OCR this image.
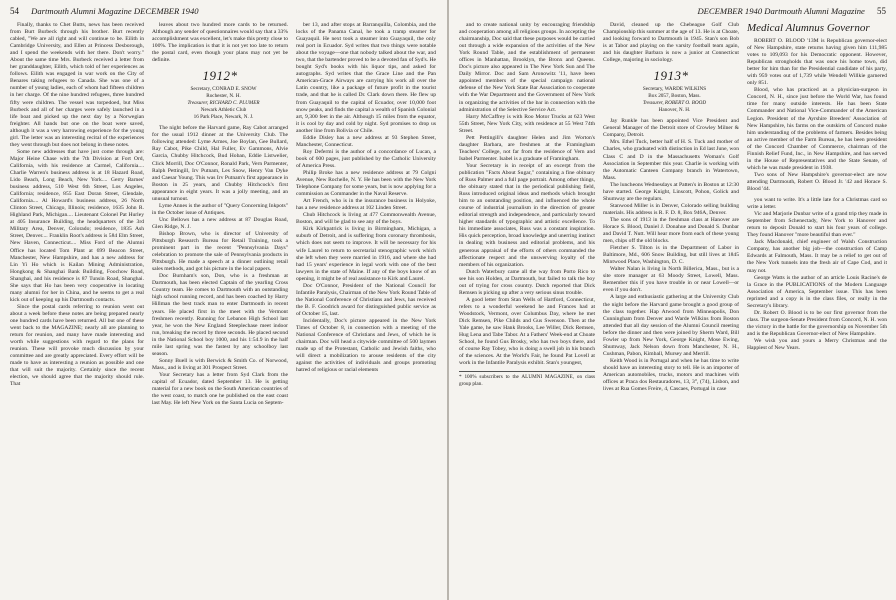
54 Dartmouth Alumni Magazine DECEMBER 1940

Finally, thanks to Chet Butts, news has been received from Burt Burbeck through his brother. Burt recently cabled, "We are all right and will continue to be. Eilith in Cambridge University, and Ellen at Princess Desborough, and I spend the weekends with her there. Don't worry." About the same time Mrs. Burbeck received a letter from her granddaughter, Eilith, which told of her experiences as follows. Eilith was engaged in war work on the City of Benares taking refugees to Canada. She was one of a number of young ladies, each of whom had fifteen children in her charge. Of the nine hundred refugees, three hundred fifty were children. The vessel was torpedoed, but Miss Burbeck and all of her charges were safely launched in a life boat and picked up the next day by a Norwegian freighter. All hands but one on the boat were saved, although it was a very harrowing experience for the young girl. The letter was an interesting recital of the experiences they went through but does not belong in these notes.

Some new addresses that have just come through are: Major Heine Chase with the 7th Division at Fort Ord, California, with his residence at Carmel, California.... Charlie Warren's business address is at 18 Hazard Road, Lido Beach, Long Beach, New York.... Gerry Barnes' business address, 510 West 6th Street, Los Angeles, California; residence, 855 East Doran Street, Glendale, California.... Al Howard's business address, 26 North Clinton Street, Chicago, Illinois; residence, 1635 John R. Highland Park, Michigan.... Lieutenant Colonel Pat Hurley at 405 Insurance Building, the headquarters of the 3rd Military Area, Denver, Colorado; residence, 1835 Ash Street, Denver.... Franklin Root's address is 584 Elm Street, New Haven, Connecticut.... Miss Ford of the Alumni Office has located Tom Plant at 699 Beacon Street, Manchester, New Hampshire, and has a new address for Lin Yi Ho which is Kailan Mining Administration, Hongkong & Shanghai Bank Building, Foochow Road, Shanghai, and his residence is 87 Tunsin Road, Shanghai. She says that Ho has been very cooperative in locating many alumni for her in China, and he seems to get a real kick out of keeping up his Dartmouth contacts.

Since the postal cards referring to reunion went out about a week before these notes are being prepared nearly one hundred cards have been returned. All but one of these went back to the MAGAZINE; nearly all are planning to return for reunion, and many have made interesting and worth while suggestions with regard to the plans for reunion. These will provoke much discussion by your committee and are greatly appreciated. Every effort will be made to have as interesting a reunion as possible and one that will suit the majority. Certainly since the recent election, we should agree that the majority should rule. That

leaves about two hundred more cards to be returned. Although any sender of questionnaires would say that a 33% accomplishment was excellent, let's make this pretty close to 100%. The implication is that it is not yet too late to return the postal card, even though your plans may not yet be definite.

1912*

Secretary, CONRAD E. SNOW

Rochester, N. H.

Treasurer, RICHARD C. PLUMER

Newark Athletic Club

16 Park Place, Newark, N. J.

The night before the Harvard game, Ray Cabot arranged for the usual 1912 dinner at the University Club. The following attended: Lyme Armes, Joe Boylan, Gee Bullard, Ray Cabot, Pike Child, Hal Fuller, Ev Gammons, Alvie Garcia, Chubby Hitchcock, Bud Hoban, Eddie Listwelier, Click Morrill, Doc O'Connor, Ronald Park, Vern Parmenter, Ralph Pettingill, Irv Putnam, Les Snow, Henry Van Dyke and Caesar Young. This was Irv Putnam's first appearance in Boston in 25 years, and Chubby Hitchcock's first appearance in eight years. It was a jolly meeting, and an unusual turnout.

Lyme Annes is the author of "Query Concerning Inkpots" in the October issue of Antiques.

Unc Bellows has a new address at 87 Douglas Road, Glen Ridge, N. J.

Bishop Brown, who is director of University of Pittsburgh Research Bureau for Retail Training, took a prominent part in the recent "Pennsylvania Days" celebration to promote the sale of Pennsylvania products in Pittsburgh. He made a speech at a dinner outlining retail sales methods, and got his picture in the local papers.

Doc Burnham's son, Don, who is a freshman at Dartmouth, has been elected Captain of the yearling Cross Country team. He comes to Dartmouth with an outstanding high school running record, and has been coached by Harry Hillman the best track man to enter Dartmouth in recent years. He placed first in the meet with the Vermont freshmen recently. Running for Lebanon High School last year, he won the New England Steeplechase meet indoor run, breaking the record by three seconds. He placed second in the National School boy 1000, and his 1:54.9 in the half mile last spring was the fastest by any schoolboy last season.

Sonny Buell is with Berwick & Smith Co. of Norwood, Mass., and is living at 301 Prospect Street.

Your Secretary has a letter from Syd Clark from the capital of Ecuador, dated September 13. He is getting material for a new book on the South American countries of the west coast, to match one he published on the east coast last May. He left New York on the Santa Lucia on Septem-

ber 13, and after stops at Barranquilla, Colombia, and the locks of the Panama Canal, he took a tramp steamer for Guayaquil. He next took a steamer into Guayaquil, the only real port in Ecuador. Syd writes that two things were notable about the voyage—one that nobody talked about the war, and two, that the bartender proved to be a devoted fan of Syd's. He bought Syd's books with his liquor tips, and asked for autographs. Syd writes that the Grace Line and the Pan American-Grace Airways are carrying his work all over the Latin country, like a package of future profit in the tourist trade, and that he is called Dr. Clark down there. He flew up from Guayaquil to the capital of Ecuador, over 10,000 foot snow peaks, and finds the capital a wealth of Spanish Colonial art, 9,300 feet in the air. Although 15 miles from the equator, it is cool by day and cold by night. Syd promises to drop us another line from Bolivia or Chile.

Eddie Disley has a new address at 93 Stephen Street, Manchester, Connecticut.

Roy Defermi is the author of a concordance of Lucan, a book of 600 pages, just published by the Catholic University of America Press.

Philip Broke has a new residence address at 79 Colgni Avenue, New Rochelle, N. Y. He has been with the New York Telephone Company for some years, but is now applying for a commission as Commander in the Naval Reserve.

Art French, who is in the insurance business in Holyoke, has a new residence address at 102 Linden Street.

Chub Hitchcock is living at 477 Commonwealth Avenue, Boston, and will be glad to see any of the boys.

Kirk Kirkpatrick is living in Birmingham, Michigan, a suburb of Detroit, and is suffering from coronary thrombosis, which does not seem to improve. It will be necessary for his wife Laurel to return to secretarial stenographic work which she left when they were married in 1916, and where she had had 15 years' experience in legal work with one of the best lawyers in the state of Maine. If any of the boys know of an opening, it might be of real assistance to Kirk and Laurel.

Doc O'Connor, President of the National Council for Infantile Paralysis, Chairman of the New York Round Table of the National Conference of Christians and Jews, has received the B. F. Goodrich award for distinguished public service as of October 15, last.

Incidentally, Doc's picture appeared in the New York Times of October 8, in connection with a meeting of the National Conference of Christians and Jews, of which he is chairman. Doc will head a citywide committee of 500 laymen made up of the Protestant, Catholic and Jewish faiths, who will direct a mobilization to arouse residents of the city against the activities of individuals and groups promoting hatred of religious or racial elements

DECEMBER 1940 Dartmouth Alumni Magazine 55

and to create national unity by encouraging friendship and cooperation among all religious groups. In accepting the chairmanship, Doc said that these purposes would be carried out through a wide expansion of the activities of the New York Round Table, and the establishment of permanent offices in Manhattan, Brooklyn, the Bronx and Queens. Doc's picture also appeared in The New York Sun and The Daily Mirror. Doc and Sam Aronowitz '11, have been appointed members of the special campaign national defense of the New York State Bar Association to cooperate with the War Department and the Government of New York in organizing the activities of the bar in connection with the administration of the Selective Service Act.

Harry McCaffrey is with Roo Motor Trucks at 623 West 55th Street, New York City, with residence at 55 West 74th Street.

Pett Pettingill's daughter Helen and Jim Worton's daughter Barbara, are freshmen at the Framingham Teachers' College, not far from the residence of Vern and Isabel Parmenter. Isabel is a graduate of Framingham.

Your Secretary is in receipt of an excerpt from the publication "Facts About Sugar," containing a fine obituary of Russ Palmer and a full page portrait. Among other things, the obituary stated that in the periodical publishing field, Russ introduced original ideas and methods which brought him to an outstanding position, and influenced the whole course of industrial journalism in the direction of greater editorial strength and independence, and particularly toward higher standards of typographic and artistic excellence. To his immediate associates, Russ was a constant inspiration. His quick perception, broad knowledge and unerring instinct in dealing with business and editorial problems, and his generous appraisal of the efforts of others commanded the affectionate respect and the unswerving loyalty of the members of his organization.

Dutch Waterbury came all the way from Porto Rico to see his son Holden, at Dartmouth, but failed to talk the boy out of trying for cross country. Dutch reported that Dick Remsen is picking up after a very serious sinus trouble.

A good letter from Stan Wells of Hartford, Connecticut, refers to a wonderful weekend he and Frances had at Woodstock, Vermont, over Columbus Day, where he met Dick Remsen, Pike Childs and Gus Swenson. Then at the Yale game, he saw Hank Brooks, Lee Willer, Dick Remsen, Hug Lena and Tabe Tabor. At a Fathers' Week-end at Choate School, he found Gus Brosky, who has two boys there, and of course Ray Tobey, who is doing a swell job in his branch of the sciences. At the World's Fair, he found Pat Lovell at work in the Infantile Paralysis exhibit. Stan's youngest,

* 100% subscribers to the ALUMNI MAGAZINE, on class group plan.

David, cleaned up the Chebeague Golf Club Championship this summer at the age of 13. He is at Choate, and looking forward to Dartmouth in 1945. Stan's son Bob is at Tabor and playing on the varsity football team again, and his daughter Barbara is now a junior at Connecticut College, majoring in sociology.

1913*

Secretary, WARDE WILKINS

Box 2057, Boston, Mass.

Treasurer, ROBERT O. BOOD

Hanover, N. H.

Jay Runkle has been appointed Vice President and General Manager of the Detroit store of Crowley Milner & Company, Detroit.

Mrs. Ethel Tuck, better half of H. S. Tuck and mother of Charles, who graduated with distinction in Ed last June, won Class C and D in the Massachusetts Woman's Golf Association in September this year. Charlie is working with the Automatic Canteen Company branch in Watertown, Mass.

The luncheons Wednesdays at Patten's in Boston at 12:30 have started. George Knight, Linscott, Pohon, Golick and Shumway are the regulars.

Stanwood Miller is in Denver, Colorado selling building materials. His address is R. F. D. 8, Box 946A, Denver.

The sons of 1913 in the freshman class at Hanover are Horace S. Blood, Daniel J. Donahue and Donald S. Dunbar and David T. Nutt. Will hear more from each of these young men, chips off the old blocks.

Fletcher S. Tilton is in the Department of Labor in Baltimore, Md., 606 Snow Building, but still lives at 1845 Mintwood Place, Washington, D. C.

Walter Nalan is living in North Billerica, Mass., but is a site store manager at 63 Moody Street, Lowell, Mass. Remember this if you have trouble in or near Lowell—or even if you don't.

A large and enthusiastic gathering at the University Club the night before the Harvard game brought a good group of the class together. Hap Atwood from Minneapolis, Don Cunningham from Denver and Warde Wilkins from Boston attended that all day session of the Alumni Council meeting before the dinner and then were joined by Sherm Ward, Bill Fowler up from New York, George Knight, Mose Ewing, Shumway, Jack Nelson down from Manchester, N. H., Cushman, Pabon, Kimball, Mursey and Merrill.

Keith Wood is in Portugal and when he has time to write should have an interesting story to tell. He is an importer of American automobiles, trucks, motors and machines with offices at Praca dos Restauradores, 13, 3°, (74), Lisbon, and lives at Rua Gomes Freire, 4, Cascaes, Portugal in case

Medical Alumnus Governor

ROBERT O. BLOOD '13M is Republican governor-elect of New Hampshire, state returns having given him 111,985 votes to 109,093 for his Democratic opponent. However, Republican strongholds that was once his home town, did better for him than for the Presidential candidate of his party, with 959 votes out of 1,739 while Wendell Willkie garnered only 851.

Blood, who has practiced as a physician-surgeon in Concord, N. H., since just before the World War, has found time for many outside interests. He has been State Commander and National Vice-Commander of the American Legion. President of the Ayrshire Breeders' Association of New Hampshire, his farms on the outskirts of Concord make him understanding of the problems of farmers. Besides being an active member of the Farm Bureau, he has been president of the Concord Chamber of Commerce, chairman of the Finnish Relief Fund, Inc., in New Hampshire, and has served in the House of Representatives and the State Senate, of which he was made president in 1938.

Two sons of New Hampshire's governor-elect are now attending Dartmouth, Robert O. Blood Jr. '42 and Horace S. Blood '44.

you want to write. It's a little late for a Christmas card so write a letter.

Vic and Marjorie Dunbar write of a grand trip they made in September from Schenectady, New York to Hanover and return to deposit Donald to start his four years of college. They found Hanover "more beautiful than ever."

Jack Macdonald, chief engineer of Walsh Construction Company, has another big job—the construction of Camp Edwards at Falmouth, Mass. It may be a relief to get out of the New York tunnels into the fresh air of Cape Cod, and it may not.

George Watts is the author of an article Louis Racine's de la Grace in the PUBLICATIONS of the Modern Language Association of America, September issue. This has been reprinted and a copy is in the class files, or really in the Secretary's library.

Dr. Robert O. Blood is to be our first governor from the class. The surgeon-Senate President from Concord, N. H. won the victory in the battle for the governorship on November 5th and is the Republican Governor-elect of New Hampshire.

We wish you and yours a Merry Christmas and the Happiest of New Years.
